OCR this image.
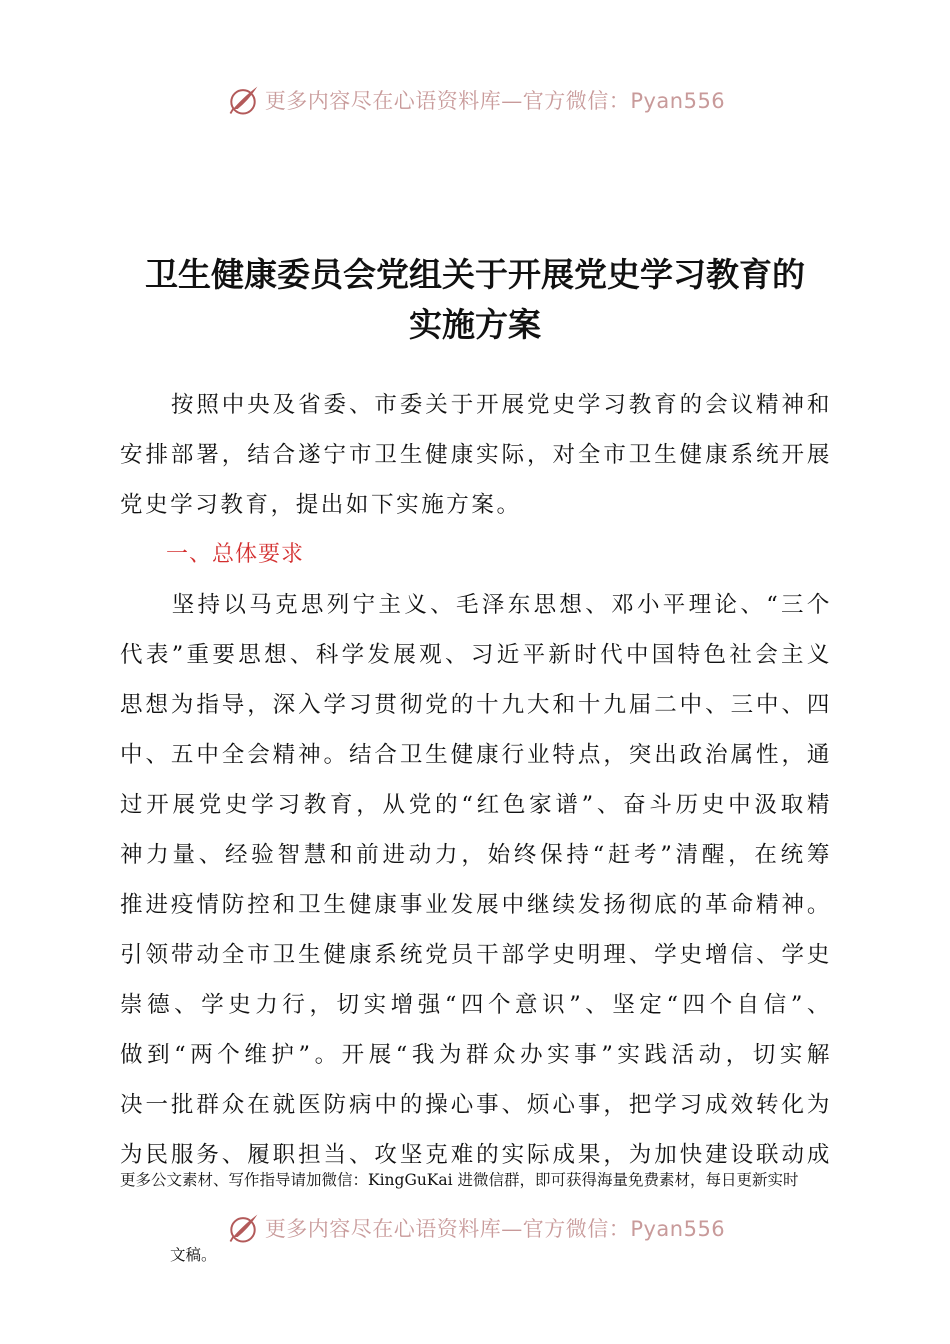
更多内容尽在心语资料库—官方微信：Pyan556
卫生健康委员会党组关于开展党史学习教育的
实施方案

　　按照中央及省委、市委关于开展党史学习教育的会议精神和

安排部署，结合遂宁市卫生健康实际，对全市卫生健康系统开展

党史学习教育，提出如下实施方案。

一、总体要求

　　坚持以马克思列宁主义、毛泽东思想、邓小平理论、“三个

代表”重要思想、科学发展观、习近平新时代中国特色社会主义

思想为指导，深入学习贯彻党的十九大和十九届二中、三中、四

中、五中全会精神。结合卫生健康行业特点，突出政治属性，通

过开展党史学习教育，从党的“红色家谱”、奋斗历史中汲取精

神力量、经验智慧和前进动力，始终保持“赶考”清醒，在统筹

推进疫情防控和卫生健康事业发展中继续发扬彻底的革命精神。

引领带动全市卫生健康系统党员干部学史明理、学史增信、学史

崇德、学史力行，切实增强“四个意识”、坚定“四个自信”、

做到“两个维护”。开展“我为群众办实事”实践活动，切实解

决一批群众在就医防病中的操心事、烦心事，把学习成效转化为

为民服务、履职担当、攻坚克难的实际成果，为加快建设联动成

更多公文素材、写作指导请加微信：KingGuKai 进微信群，即可获得海量免费素材，每日更新实时
更多内容尽在心语资料库—官方微信：Pyan556
文稿。
